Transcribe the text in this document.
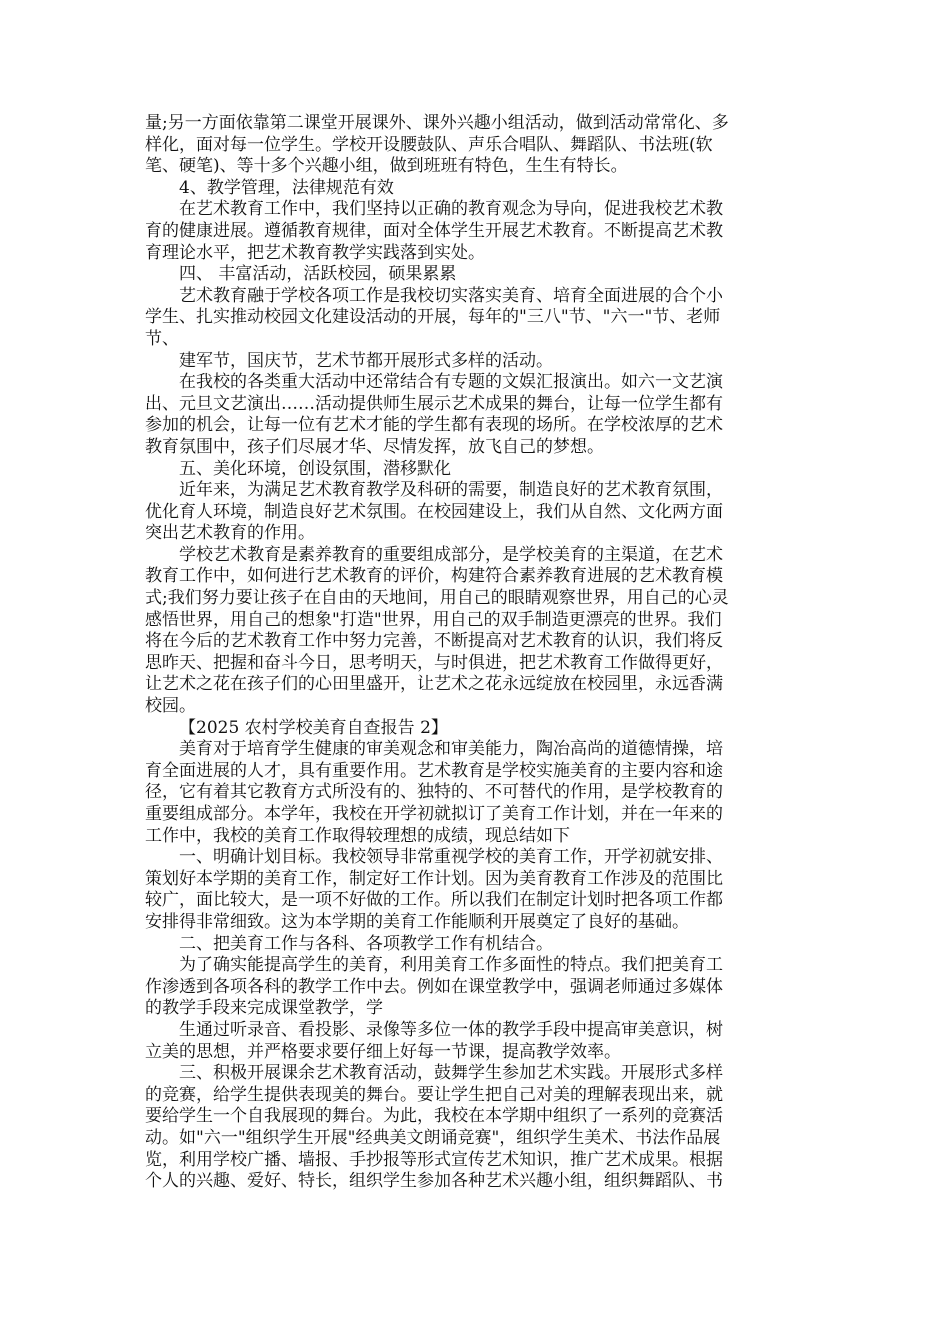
量;另一方面依靠第二课堂开展课外、课外兴趣小组活动，做到活动常常化、多
样化，面对每一位学生。学校开设腰鼓队、声乐合唱队、舞蹈队、书法班(软
笔、硬笔)、等十多个兴趣小组，做到班班有特色，生生有特长。
4、教学管理，法律规范有效
在艺术教育工作中，我们坚持以正确的教育观念为导向，促进我校艺术教
育的健康进展。遵循教育规律，面对全体学生开展艺术教育。不断提高艺术教
育理论水平，把艺术教育教学实践落到实处。
四、 丰富活动，活跃校园，硕果累累
艺术教育融于学校各项工作是我校切实落实美育、培育全面进展的合个小
学生、扎实推动校园文化建设活动的开展，每年的"三八"节、"六一"节、老师
节、
建军节，国庆节，艺术节都开展形式多样的活动。
在我校的各类重大活动中还常结合有专题的文娱汇报演出。如六一文艺演
出、元旦文艺演出……活动提供师生展示艺术成果的舞台，让每一位学生都有
参加的机会，让每一位有艺术才能的学生都有表现的场所。在学校浓厚的艺术
教育氛围中，孩子们尽展才华、尽情发挥，放飞自己的梦想。
五、美化环境，创设氛围，潜移默化
近年来，为满足艺术教育教学及科研的需要，制造良好的艺术教育氛围，
优化育人环境，制造良好艺术氛围。在校园建设上，我们从自然、文化两方面
突出艺术教育的作用。
学校艺术教育是素养教育的重要组成部分，是学校美育的主渠道，在艺术
教育工作中，如何进行艺术教育的评价，构建符合素养教育进展的艺术教育模
式;我们努力要让孩子在自由的天地间，用自己的眼睛观察世界，用自己的心灵
感悟世界，用自己的想象"打造"世界，用自己的双手制造更漂亮的世界。我们
将在今后的艺术教育工作中努力完善，不断提高对艺术教育的认识，我们将反
思昨天、把握和奋斗今日，思考明天，与时俱进，把艺术教育工作做得更好，
让艺术之花在孩子们的心田里盛开，让艺术之花永远绽放在校园里，永远香满
校园。
【2025 农村学校美育自查报告 2】
美育对于培育学生健康的审美观念和审美能力，陶冶高尚的道德情操，培
育全面进展的人才，具有重要作用。艺术教育是学校实施美育的主要内容和途
径，它有着其它教育方式所没有的、独特的、不可替代的作用，是学校教育的
重要组成部分。本学年，我校在开学初就拟订了美育工作计划，并在一年来的
工作中，我校的美育工作取得较理想的成绩，现总结如下
一、明确计划目标。我校领导非常重视学校的美育工作，开学初就安排、
策划好本学期的美育工作，制定好工作计划。因为美育教育工作涉及的范围比
较广，面比较大，是一项不好做的工作。所以我们在制定计划时把各项工作都
安排得非常细致。这为本学期的美育工作能顺利开展奠定了良好的基础。
二、把美育工作与各科、各项教学工作有机结合。
为了确实能提高学生的美育，利用美育工作多面性的特点。我们把美育工
作渗透到各项各科的教学工作中去。例如在课堂教学中，强调老师通过多媒体
的教学手段来完成课堂教学，学
生通过听录音、看投影、录像等多位一体的教学手段中提高审美意识，树
立美的思想，并严格要求要仔细上好每一节课，提高教学效率。
三、积极开展课余艺术教育活动，鼓舞学生参加艺术实践。开展形式多样
的竞赛，给学生提供表现美的舞台。要让学生把自己对美的理解表现出来，就
要给学生一个自我展现的舞台。为此，我校在本学期中组织了一系列的竞赛活
动。如"六一"组织学生开展"经典美文朗诵竞赛"，组织学生美术、书法作品展
览，利用学校广播、墙报、手抄报等形式宣传艺术知识，推广艺术成果。根据
个人的兴趣、爱好、特长，组织学生参加各种艺术兴趣小组，组织舞蹈队、书
